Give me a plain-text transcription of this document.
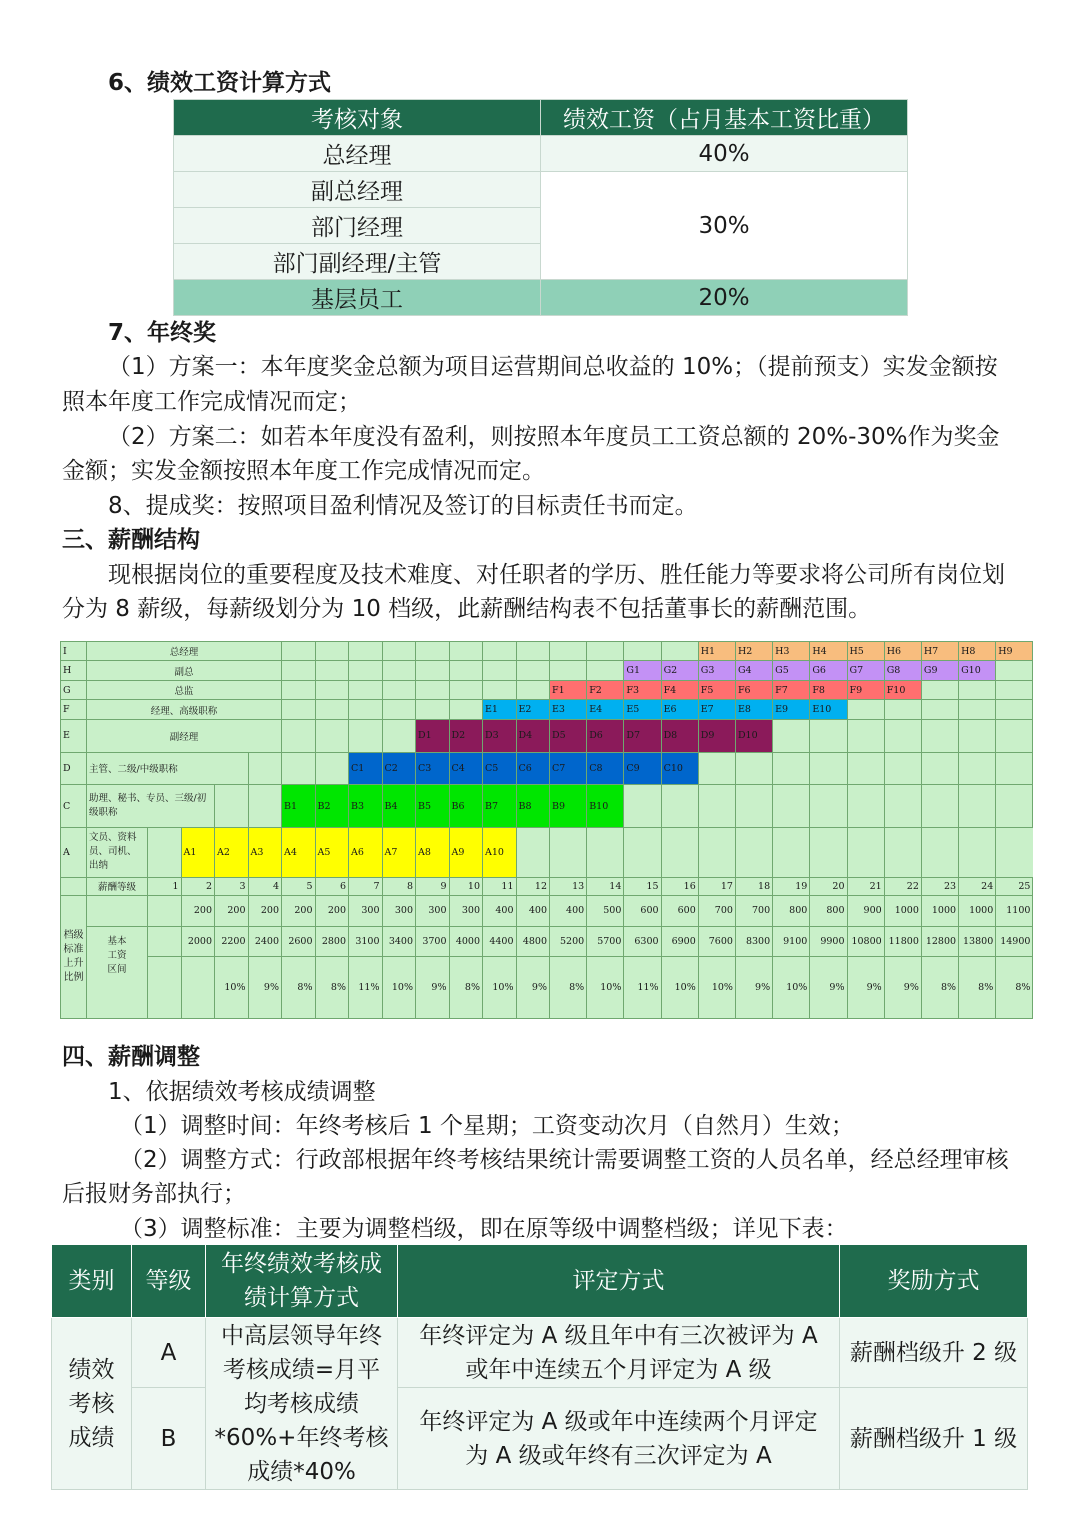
6、绩效工资计算方式
考核对象	绩效工资（占月基本工资比重）
总经理	40%
副总经理	30%
部门经理	
部门副经理/主管	
基层员工	20%
7、年终奖
（1）方案一：本年度奖金总额为项目运营期间总收益的 10%；（提前预支）实发金额按
照本年度工作完成情况而定；
（2）方案二：如若本年度没有盈利，则按照本年度员工工资总额的 20%-30%作为奖金
金额；实发金额按照本年度工作完成情况而定。
8、提成奖：按照项目盈利情况及签订的目标责任书而定。
三、薪酬结构
现根据岗位的重要程度及技术难度、对任职者的学历、胜任能力等要求将公司所有岗位划
分为 8 薪级，每薪级划分为 10 档级，此薪酬结构表不包括董事长的薪酬范围。
I	总经理																	H1	H2	H3	H4	H5	H6	H7	H8	H9	
H	副总															G1	G2	G3	G4	G5	G6	G7	G8	G9	G10		
G	总监													F1	F2	F3	F4	F5	F6	F7	F8	F9	F10				
F	经理、高级职称											E1	E2	E3	E4	E5	E6	E7	E8	E9	E10						
E	副经理									D1	D2	D3	D4	D5	D6	D7	D8	D9	D10								
D	主管、二级/中级职称							C1	C2	C3	C4	C5	C6	C7	C8	C9	C10										
C	助理、秘书、专员、三级/初级职称					B1	B2	B3	B4	B5	B6	B7	B8	B9	B10												
A	文员、资料员、司机、出纳		A1	A2	A3	A4	A5	A6	A7	A8	A9	A10															
	薪酬等级	1	2	3	4	5	6	7	8	9	10	11	12	13	14	15	16	17	18	19	20	21	22	23	24	25	
档级标准上升比例			200	200	200	200	200	300	300	300	300	400	400	400	500	600	600	700	700	800	800	900	1000	1000	1000	1100	
	基本工资区间		2000	2200	2400	2600	2800	3100	3400	3700	4000	4400	4800	5200	5700	6300	6900	7600	8300	9100	9900	10800	11800	12800	13800	14900	
				10%	9%	8%	8%	11%	10%	9%	8%	10%	9%	8%	10%	11%	10%	10%	9%	10%	9%	9%	9%	8%	8%	8%	
四、薪酬调整
1、依据绩效考核成绩调整
（1）调整时间：年终考核后 1 个星期；工资变动次月（自然月）生效；
（2）调整方式：行政部根据年终考核结果统计需要调整工资的人员名单，经总经理审核
后报财务部执行；
（3）调整标准：主要为调整档级，即在原等级中调整档级；详见下表：
类别	等级	年终绩效考核成绩计算方式	评定方式	奖励方式
绩效考核成绩	A	中高层领导年终考核成绩=月平均考核成绩*60%+年终考核成绩*40%	年终评定为 A 级且年中有三次被评为 A 或年中连续五个月评定为 A 级	薪酬档级升 2 级
	B		年终评定为 A 级或年中连续两个月评定为 A 级或年终有三次评定为 A	薪酬档级升 1 级
